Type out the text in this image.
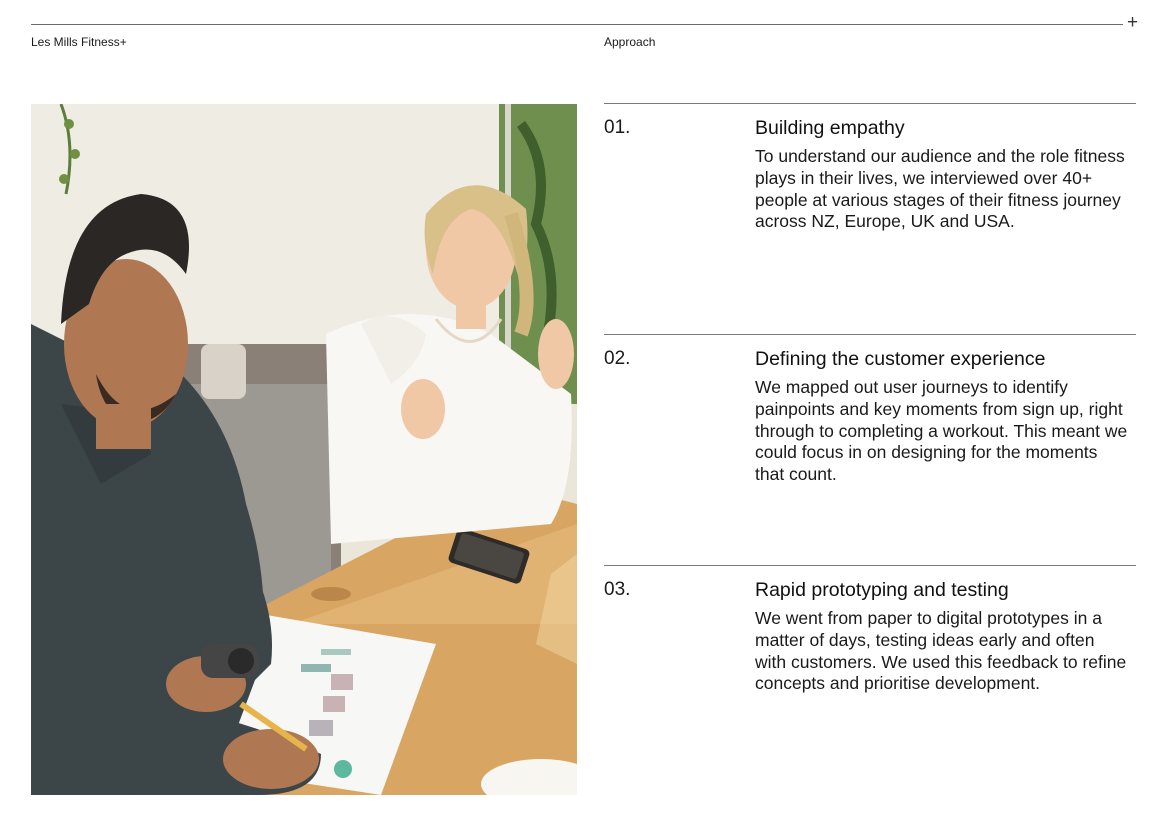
+
Les Mills Fitness+	Approach
01.	Building empathy
To understand our audience and the role fitness plays in their lives, we interviewed over 40+ people at various stages of their fitness journey across NZ, Europe, UK and USA.
02.	Defining the customer experience
We mapped out user journeys to identify painpoints and key moments from sign up, right through to completing a workout. This meant we could focus in on designing for the moments that count.
03.	Rapid prototyping and testing
We went from paper to digital prototypes in a matter of days, testing ideas early and often with customers. We used this feedback to refine concepts and prioritise development.
